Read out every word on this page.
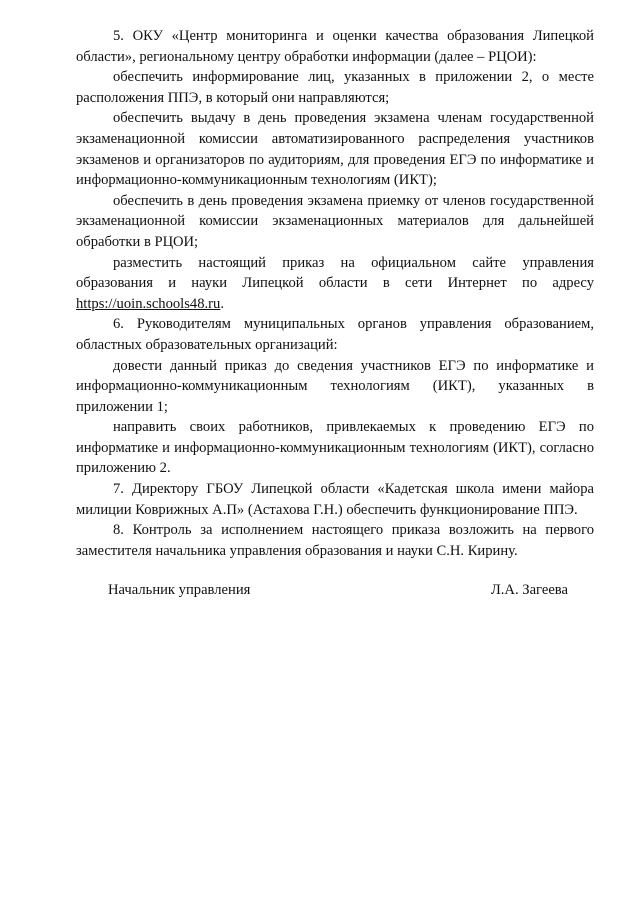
5. ОКУ «Центр мониторинга и оценки качества образования Липецкой области», региональному центру обработки информации (далее – РЦОИ):

обеспечить информирование лиц, указанных в приложении 2, о месте расположения ППЭ, в который они направляются;

обеспечить выдачу в день проведения экзамена членам государственной экзаменационной комиссии автоматизированного распределения участников экзаменов и организаторов по аудиториям, для проведения ЕГЭ по информатике и информационно-коммуникационным технологиям (ИКТ);

обеспечить в день проведения экзамена приемку от членов государственной экзаменационной комиссии экзаменационных материалов для дальнейшей обработки в РЦОИ;

разместить настоящий приказ на официальном сайте управления образования и науки Липецкой области в сети Интернет по адресу https://uoin.schools48.ru.

6. Руководителям муниципальных органов управления образованием, областных образовательных организаций:

довести данный приказ до сведения участников ЕГЭ по информатике и информационно-коммуникационным технологиям (ИКТ), указанных в приложении 1;

направить своих работников, привлекаемых к проведению ЕГЭ по информатике и информационно-коммуникационным технологиям (ИКТ), согласно приложению 2.

7. Директору ГБОУ Липецкой области «Кадетская школа имени майора милиции Коврижных А.П» (Астахова Г.Н.) обеспечить функционирование ППЭ.

8. Контроль за исполнением настоящего приказа возложить на первого заместителя начальника управления образования и науки С.Н. Кирину.

Начальник управления	Л.А. Загеева
